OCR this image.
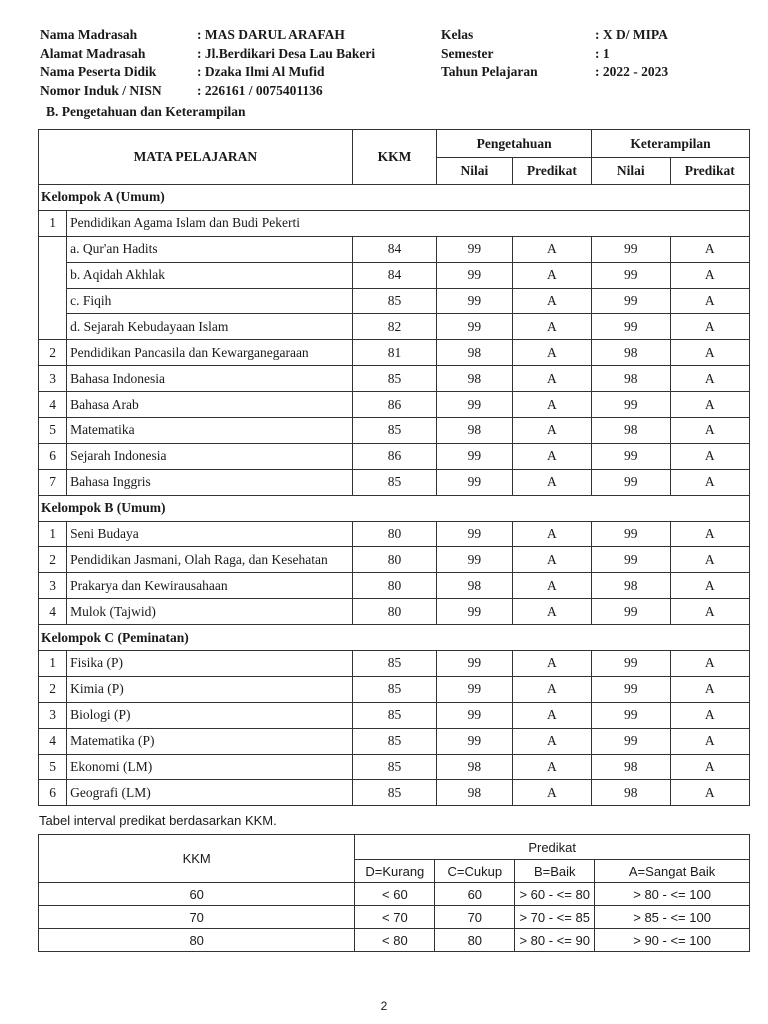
Nama Madrasah	: MAS DARUL ARAFAH	Kelas	: X D/ MIPA
Alamat Madrasah	: Jl.Berdikari Desa Lau Bakeri	Semester	: 1
Nama Peserta Didik	: Dzaka Ilmi Al Mufid	Tahun Pelajaran	: 2022 - 2023
Nomor Induk / NISN	: 226161 / 0075401136
B. Pengetahuan dan Keterampilan
MATA PELAJARAN		KKM	Pengetahuan		Keterampilan	
			Nilai	Predikat	Nilai	Predikat
Kelompok A (Umum)						
1	Pendidikan Agama Islam dan Budi Pekerti					
	a. Qur'an Hadits	84	99	A	99	A
	b. Aqidah Akhlak	84	99	A	99	A
	c. Fiqih	85	99	A	99	A
	d. Sejarah Kebudayaan Islam	82	99	A	99	A
2	Pendidikan Pancasila dan Kewarganegaraan	81	98	A	98	A
3	Bahasa Indonesia	85	98	A	98	A
4	Bahasa Arab	86	99	A	99	A
5	Matematika	85	98	A	98	A
6	Sejarah Indonesia	86	99	A	99	A
7	Bahasa Inggris	85	99	A	99	A
Kelompok B (Umum)						
1	Seni Budaya	80	99	A	99	A
2	Pendidikan Jasmani, Olah Raga, dan Kesehatan	80	99	A	99	A
3	Prakarya dan Kewirausahaan	80	98	A	98	A
4	Mulok (Tajwid)	80	99	A	99	A
Kelompok C (Peminatan)						
1	Fisika (P)	85	99	A	99	A
2	Kimia (P)	85	99	A	99	A
3	Biologi (P)	85	99	A	99	A
4	Matematika (P)	85	99	A	99	A
5	Ekonomi (LM)	85	98	A	98	A
6	Geografi (LM)	85	98	A	98	A
Tabel interval predikat berdasarkan KKM.
KKM	Predikat			
	D=Kurang	C=Cukup	B=Baik	A=Sangat Baik
60	< 60	60	> 60 - <= 80	> 80 - <= 100
70	< 70	70	> 70 - <= 85	> 85 - <= 100
80	< 80	80	> 80 - <= 90	> 90 - <= 100
2
